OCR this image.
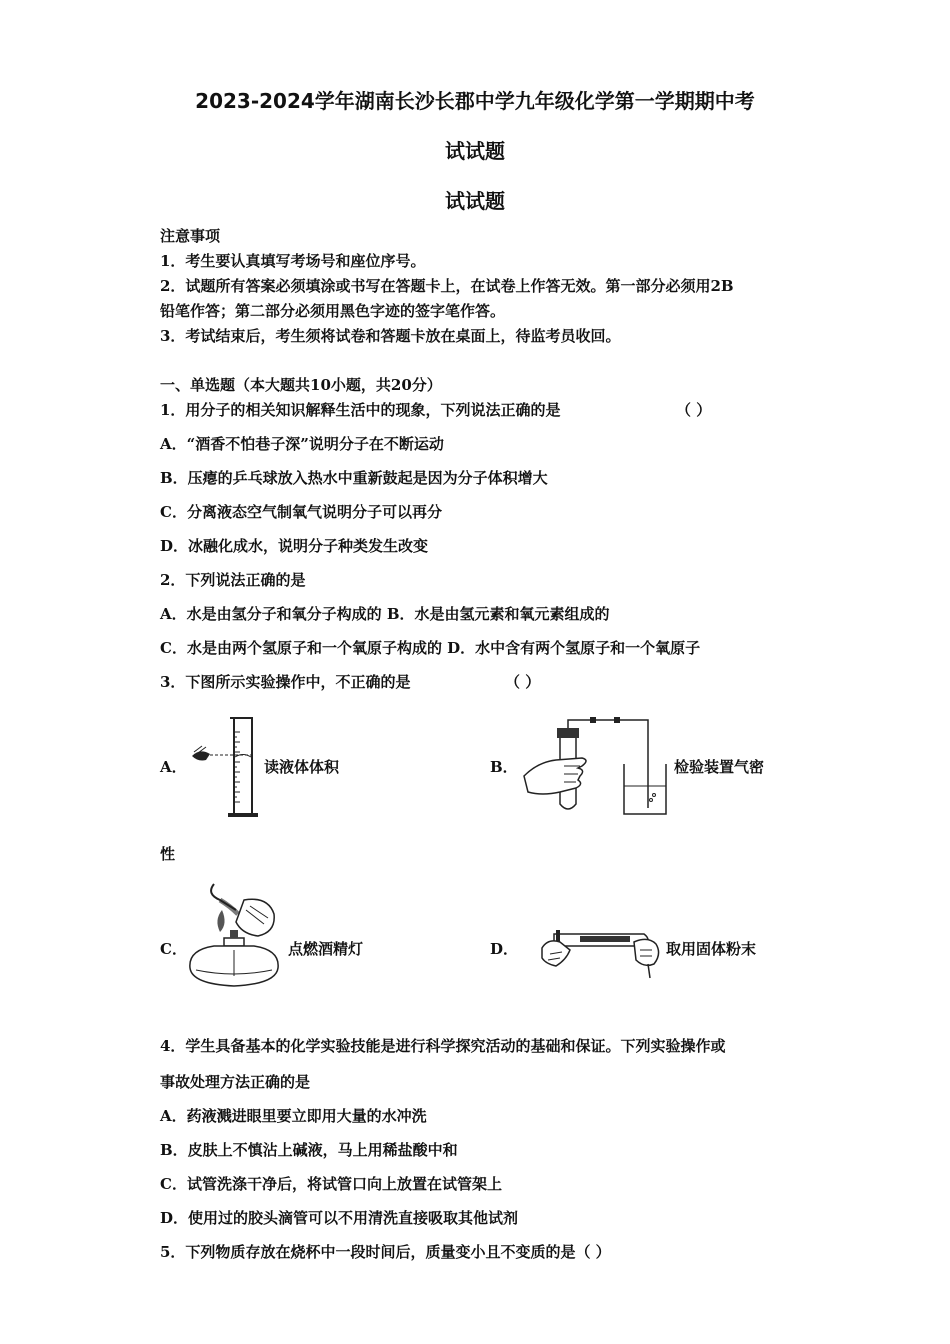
2023-2024学年湖南长沙长郡中学九年级化学第一学期期中考
试试题
试试题
注意事项
1．考生要认真填写考场号和座位序号。
2．试题所有答案必须填涂或书写在答题卡上，在试卷上作答无效。第一部分必须用2B
铅笔作答；第二部分必须用黑色字迹的签字笔作答。
3．考试结束后，考生须将试卷和答题卡放在桌面上，待监考员收回。
一、单选题（本大题共10小题，共20分）
1．用分子的相关知识解释生活中的现象，下列说法正确的是	（ ）
A．“酒香不怕巷子深”说明分子在不断运动
B．压瘪的乒乓球放入热水中重新鼓起是因为分子体积增大
C．分离液态空气制氧气说明分子可以再分
D．冰融化成水，说明分子种类发生改变
2．下列说法正确的是
A．水是由氢分子和氧分子构成的 B．水是由氢元素和氧元素组成的
C．水是由两个氢原子和一个氧原子构成的 D．水中含有两个氢原子和一个氧原子
3．下图所示实验操作中，不正确的是	（ ）
A．	读液体体积	B．	检验装置气密
性
C．	点燃酒精灯	D．	取用固体粉末
4．学生具备基本的化学实验技能是进行科学探究活动的基础和保证。下列实验操作或
事故处理方法正确的是
A．药液溅进眼里要立即用大量的水冲洗
B．皮肤上不慎沾上碱液，马上用稀盐酸中和
C．试管洗涤干净后，将试管口向上放置在试管架上
D．使用过的胶头滴管可以不用清洗直接吸取其他试剂
5．下列物质存放在烧杯中一段时间后，质量变小且不变质的是（ ）
